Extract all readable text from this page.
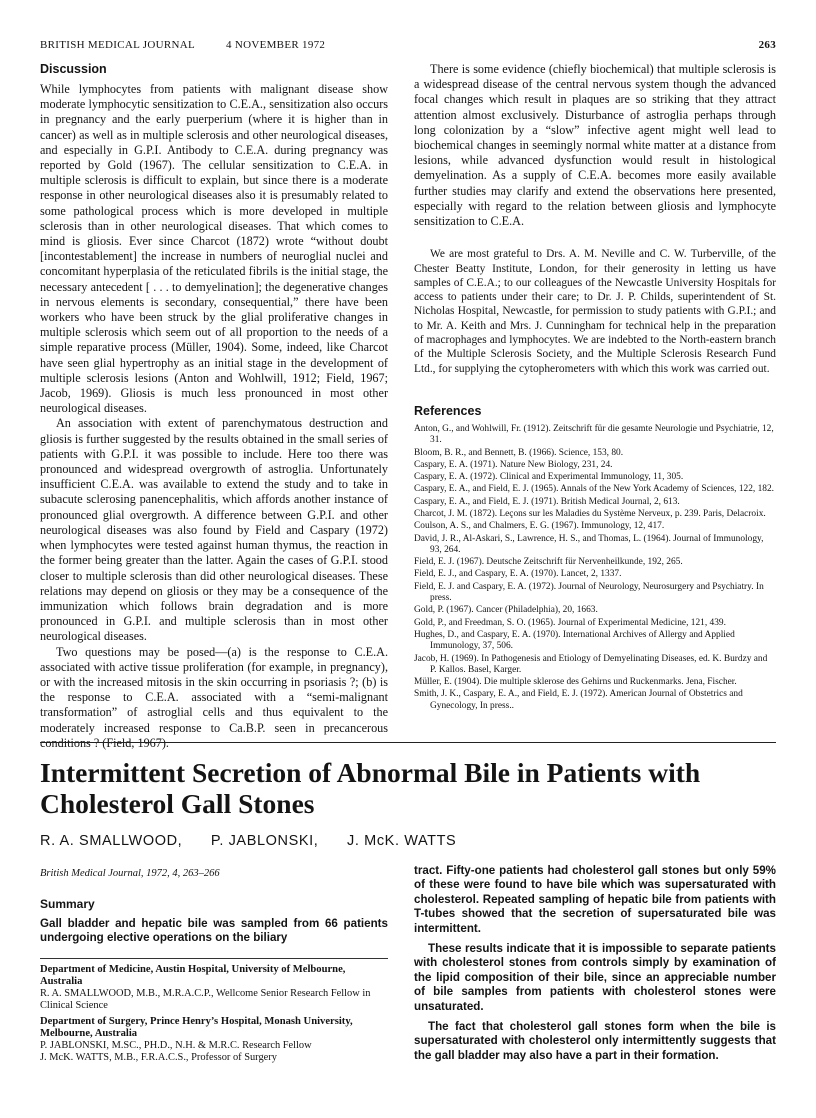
BRITISH MEDICAL JOURNAL	4 NOVEMBER 1972	263
Discussion

While lymphocytes from patients with malignant disease show moderate lymphocytic sensitization to C.E.A., sensitization also occurs in pregnancy and the early puerperium (where it is higher than in cancer) as well as in multiple sclerosis and other neurological diseases, and especially in G.P.I. Antibody to C.E.A. during pregnancy was reported by Gold (1967). The cellular sensitization to C.E.A. in multiple sclerosis is difficult to explain, but since there is a moderate response in other neurological diseases also it is presumably related to some pathological process which is more developed in multiple sclerosis than in other neurological diseases. That which comes to mind is gliosis. Ever since Charcot (1872) wrote “without doubt [incontestablement] the increase in numbers of neuroglial nuclei and concomitant hyperplasia of the reticulated fibrils is the initial stage, the necessary antecedent [ . . . to demyelination]; the degenerative changes in nervous elements is secondary, consequential,” there have been workers who have been struck by the glial proliferative changes in multiple sclerosis which seem out of all proportion to the needs of a simple reparative process (Müller, 1904). Some, indeed, like Charcot have seen glial hypertrophy as an initial stage in the development of multiple sclerosis lesions (Anton and Wohlwill, 1912; Field, 1967; Jacob, 1969). Gliosis is much less pronounced in most other neurological diseases.

An association with extent of parenchymatous destruction and gliosis is further suggested by the results obtained in the small series of patients with G.P.I. it was possible to include. Here too there was pronounced and widespread overgrowth of astroglia. Unfortunately insufficient C.E.A. was available to extend the study and to take in subacute sclerosing panencephalitis, which affords another instance of pronounced glial overgrowth. A difference between G.P.I. and other neurological diseases was also found by Field and Caspary (1972) when lymphocytes were tested against human thymus, the reaction in the former being greater than the latter. Again the cases of G.P.I. stood closer to multiple sclerosis than did other neurological diseases. These relations may depend on gliosis or they may be a consequence of the immunization which follows brain degradation and is more pronounced in G.P.I. and multiple sclerosis than in most other neurological diseases.

Two questions may be posed—(a) is the response to C.E.A. associated with active tissue proliferation (for example, in pregnancy), or with the increased mitosis in the skin occurring in psoriasis ?; (b) is the response to C.E.A. associated with a “semi-malignant transformation” of astroglial cells and thus equivalent to the moderately increased response to Ca.B.P. seen in precancerous conditions ? (Field, 1967).

There is some evidence (chiefly biochemical) that multiple sclerosis is a widespread disease of the central nervous system though the advanced focal changes which result in plaques are so striking that they attract attention almost exclusively. Disturbance of astroglia perhaps through long colonization by a “slow” infective agent might well lead to biochemical changes in seemingly normal white matter at a distance from lesions, while advanced dysfunction would result in histological demyelination. As a supply of C.E.A. becomes more easily available further studies may clarify and extend the observations here presented, especially with regard to the relation between gliosis and lymphocyte sensitization to C.E.A.

We are most grateful to Drs. A. M. Neville and C. W. Turberville, of the Chester Beatty Institute, London, for their generosity in letting us have samples of C.E.A.; to our colleagues of the Newcastle University Hospitals for access to patients under their care; to Dr. J. P. Childs, superintendent of St. Nicholas Hospital, Newcastle, for permission to study patients with G.P.I.; and to Mr. A. Keith and Mrs. J. Cunningham for technical help in the preparation of macrophages and lymphocytes. We are indebted to the North-eastern branch of the Multiple Sclerosis Society, and the Multiple Sclerosis Research Fund Ltd., for supplying the cytopherometers with which this work was carried out.
References
Anton, G., and Wohlwill, Fr. (1912). Zeitschrift für die gesamte Neurologie und Psychiatrie, 12, 31.
Bloom, B. R., and Bennett, B. (1966). Science, 153, 80.
Caspary, E. A. (1971). Nature New Biology, 231, 24.
Caspary, E. A. (1972). Clinical and Experimental Immunology, 11, 305.
Caspary, E. A., and Field, E. J. (1965). Annals of the New York Academy of Sciences, 122, 182.
Caspary, E. A., and Field, E. J. (1971). British Medical Journal, 2, 613.
Charcot, J. M. (1872). Leçons sur les Maladies du Système Nerveux, p. 239. Paris, Delacroix.
Coulson, A. S., and Chalmers, E. G. (1967). Immunology, 12, 417.
David, J. R., Al-Askari, S., Lawrence, H. S., and Thomas, L. (1964). Journal of Immunology, 93, 264.
Field, E. J. (1967). Deutsche Zeitschrift für Nervenheilkunde, 192, 265.
Field, E. J., and Caspary, E. A. (1970). Lancet, 2, 1337.
Field, E. J. and Caspary, E. A. (1972). Journal of Neurology, Neurosurgery and Psychiatry. In press.
Gold, P. (1967). Cancer (Philadelphia), 20, 1663.
Gold, P., and Freedman, S. O. (1965). Journal of Experimental Medicine, 121, 439.
Hughes, D., and Caspary, E. A. (1970). International Archives of Allergy and Applied Immunology, 37, 506.
Jacob, H. (1969). In Pathogenesis and Etiology of Demyelinating Diseases, ed. K. Burdzy and P. Kallos. Basel, Karger.
Müller, E. (1904). Die multiple sklerose des Gehirns und Ruckenmarks. Jena, Fischer.
Smith, J. K., Caspary, E. A., and Field, E. J. (1972). American Journal of Obstetrics and Gynecology, In press..
Intermittent Secretion of Abnormal Bile in Patients with Cholesterol Gall Stones
R. A. SMALLWOOD, P. JABLONSKI, J. McK. WATTS
British Medical Journal, 1972, 4, 263–266
Summary

Gall bladder and hepatic bile was sampled from 66 patients undergoing elective operations on the biliary

Department of Medicine, Austin Hospital, University of Melbourne, Australia

R. A. SMALLWOOD, M.B., M.R.A.C.P., Wellcome Senior Research Fellow in Clinical Science

Department of Surgery, Prince Henry’s Hospital, Monash University, Melbourne, Australia

P. JABLONSKI, M.SC., PH.D., N.H. & M.R.C. Research Fellow

J. McK. WATTS, M.B., F.R.A.C.S., Professor of Surgery

tract. Fifty-one patients had cholesterol gall stones but only 59% of these were found to have bile which was supersaturated with cholesterol. Repeated sampling of hepatic bile from patients with T-tubes showed that the secretion of supersaturated bile was intermittent.

These results indicate that it is impossible to separate patients with cholesterol stones from controls simply by examination of the lipid composition of their bile, since an appreciable number of bile samples from patients with cholesterol stones were unsaturated.

The fact that cholesterol gall stones form when the bile is supersaturated with cholesterol only intermittently suggests that the gall bladder may also have a part in their formation.
